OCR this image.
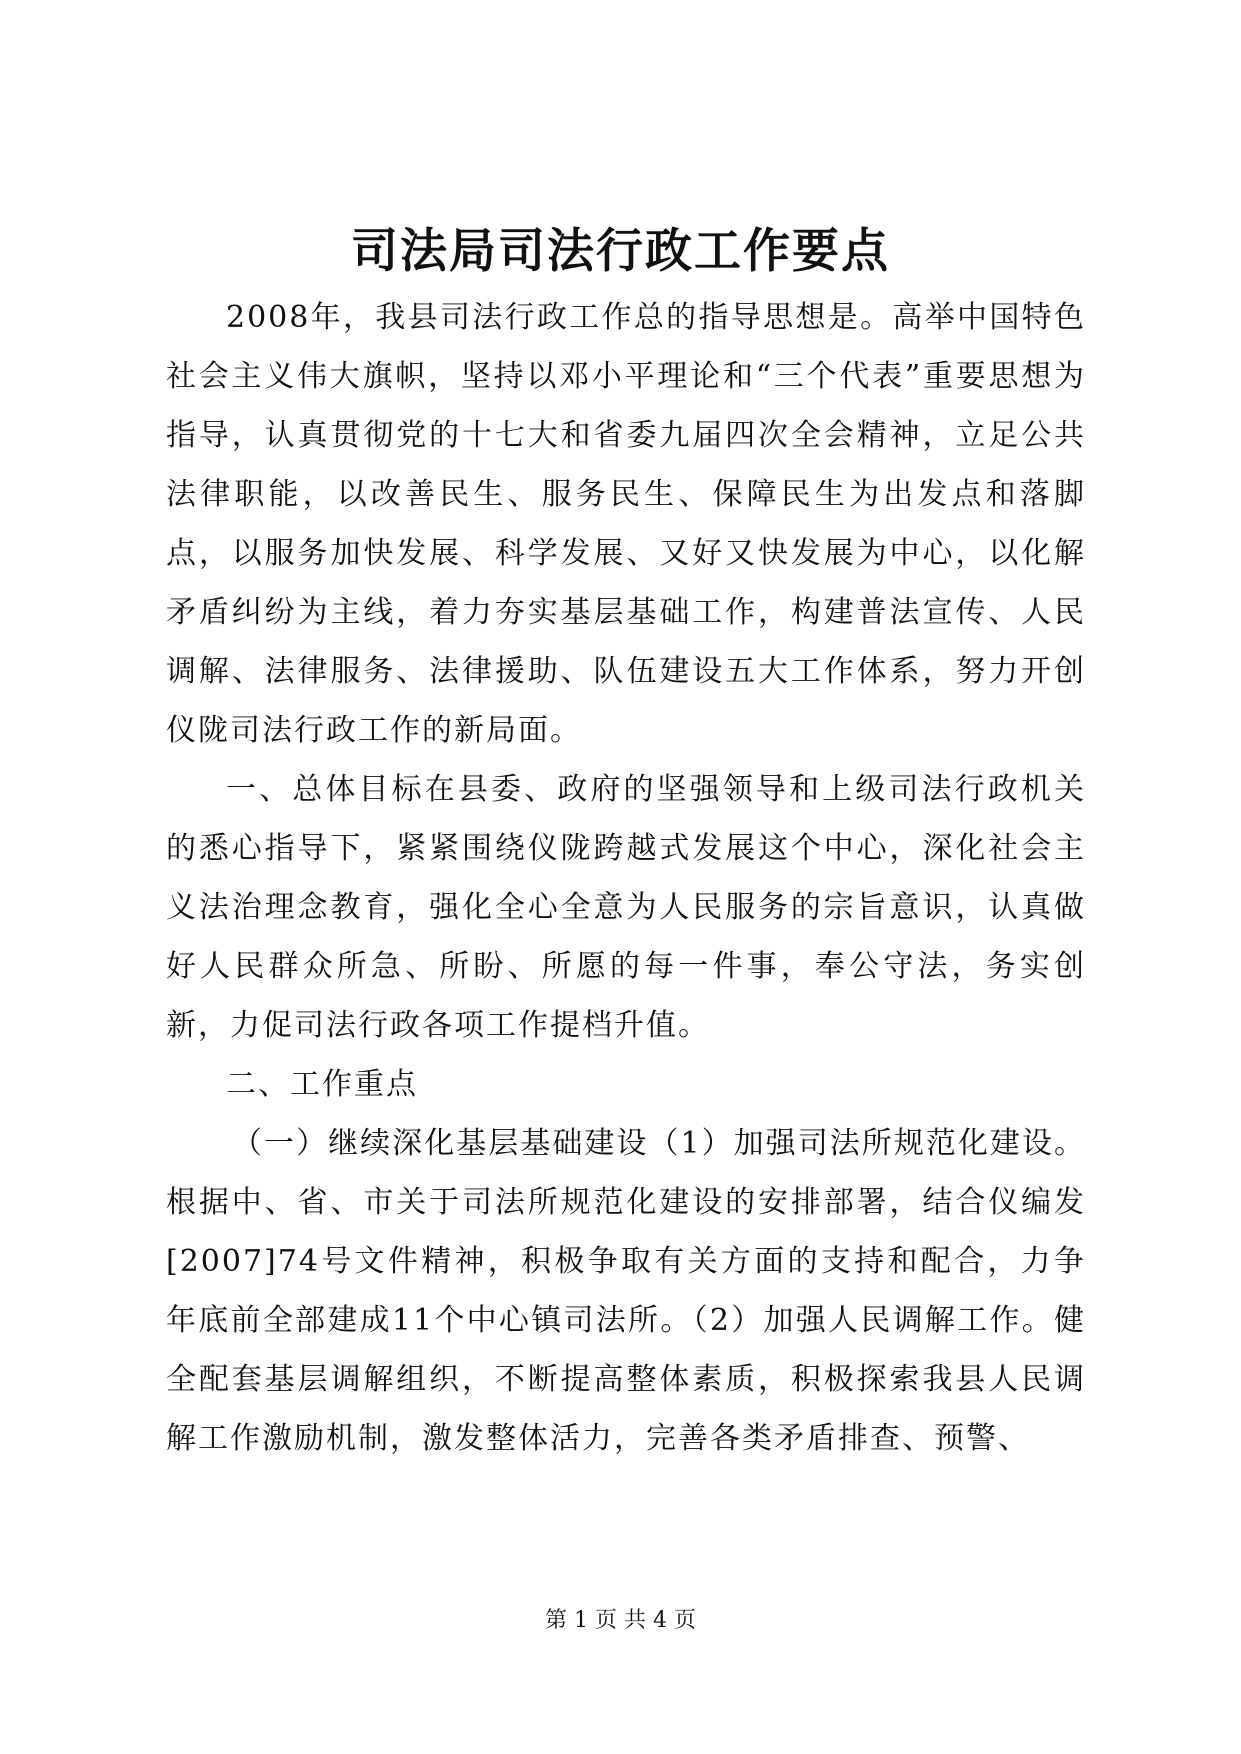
司法局司法行政工作要点

2008年，我县司法行政工作总的指导思想是。高举中国特色社会主义伟大旗帜，坚持以邓小平理论和“三个代表”重要思想为指导，认真贯彻党的十七大和省委九届四次全会精神，立足公共法律职能，以改善民生、服务民生、保障民生为出发点和落脚点，以服务加快发展、科学发展、又好又快发展为中心，以化解矛盾纠纷为主线，着力夯实基层基础工作，构建普法宣传、人民调解、法律服务、法律援助、队伍建设五大工作体系，努力开创仪陇司法行政工作的新局面。

一、总体目标在县委、政府的坚强领导和上级司法行政机关的悉心指导下，紧紧围绕仪陇跨越式发展这个中心，深化社会主义法治理念教育，强化全心全意为人民服务的宗旨意识，认真做好人民群众所急、所盼、所愿的每一件事，奉公守法，务实创新，力促司法行政各项工作提档升值。

二、工作重点

（一）继续深化基层基础建设（1）加强司法所规范化建设。根据中、省、市关于司法所规范化建设的安排部署，结合仪编发[2007]74号文件精神，积极争取有关方面的支持和配合，力争年底前全部建成11个中心镇司法所。（2）加强人民调解工作。健全配套基层调解组织，不断提高整体素质，积极探索我县人民调解工作激励机制，激发整体活力，完善各类矛盾排查、预警、

第 1 页 共 4 页
